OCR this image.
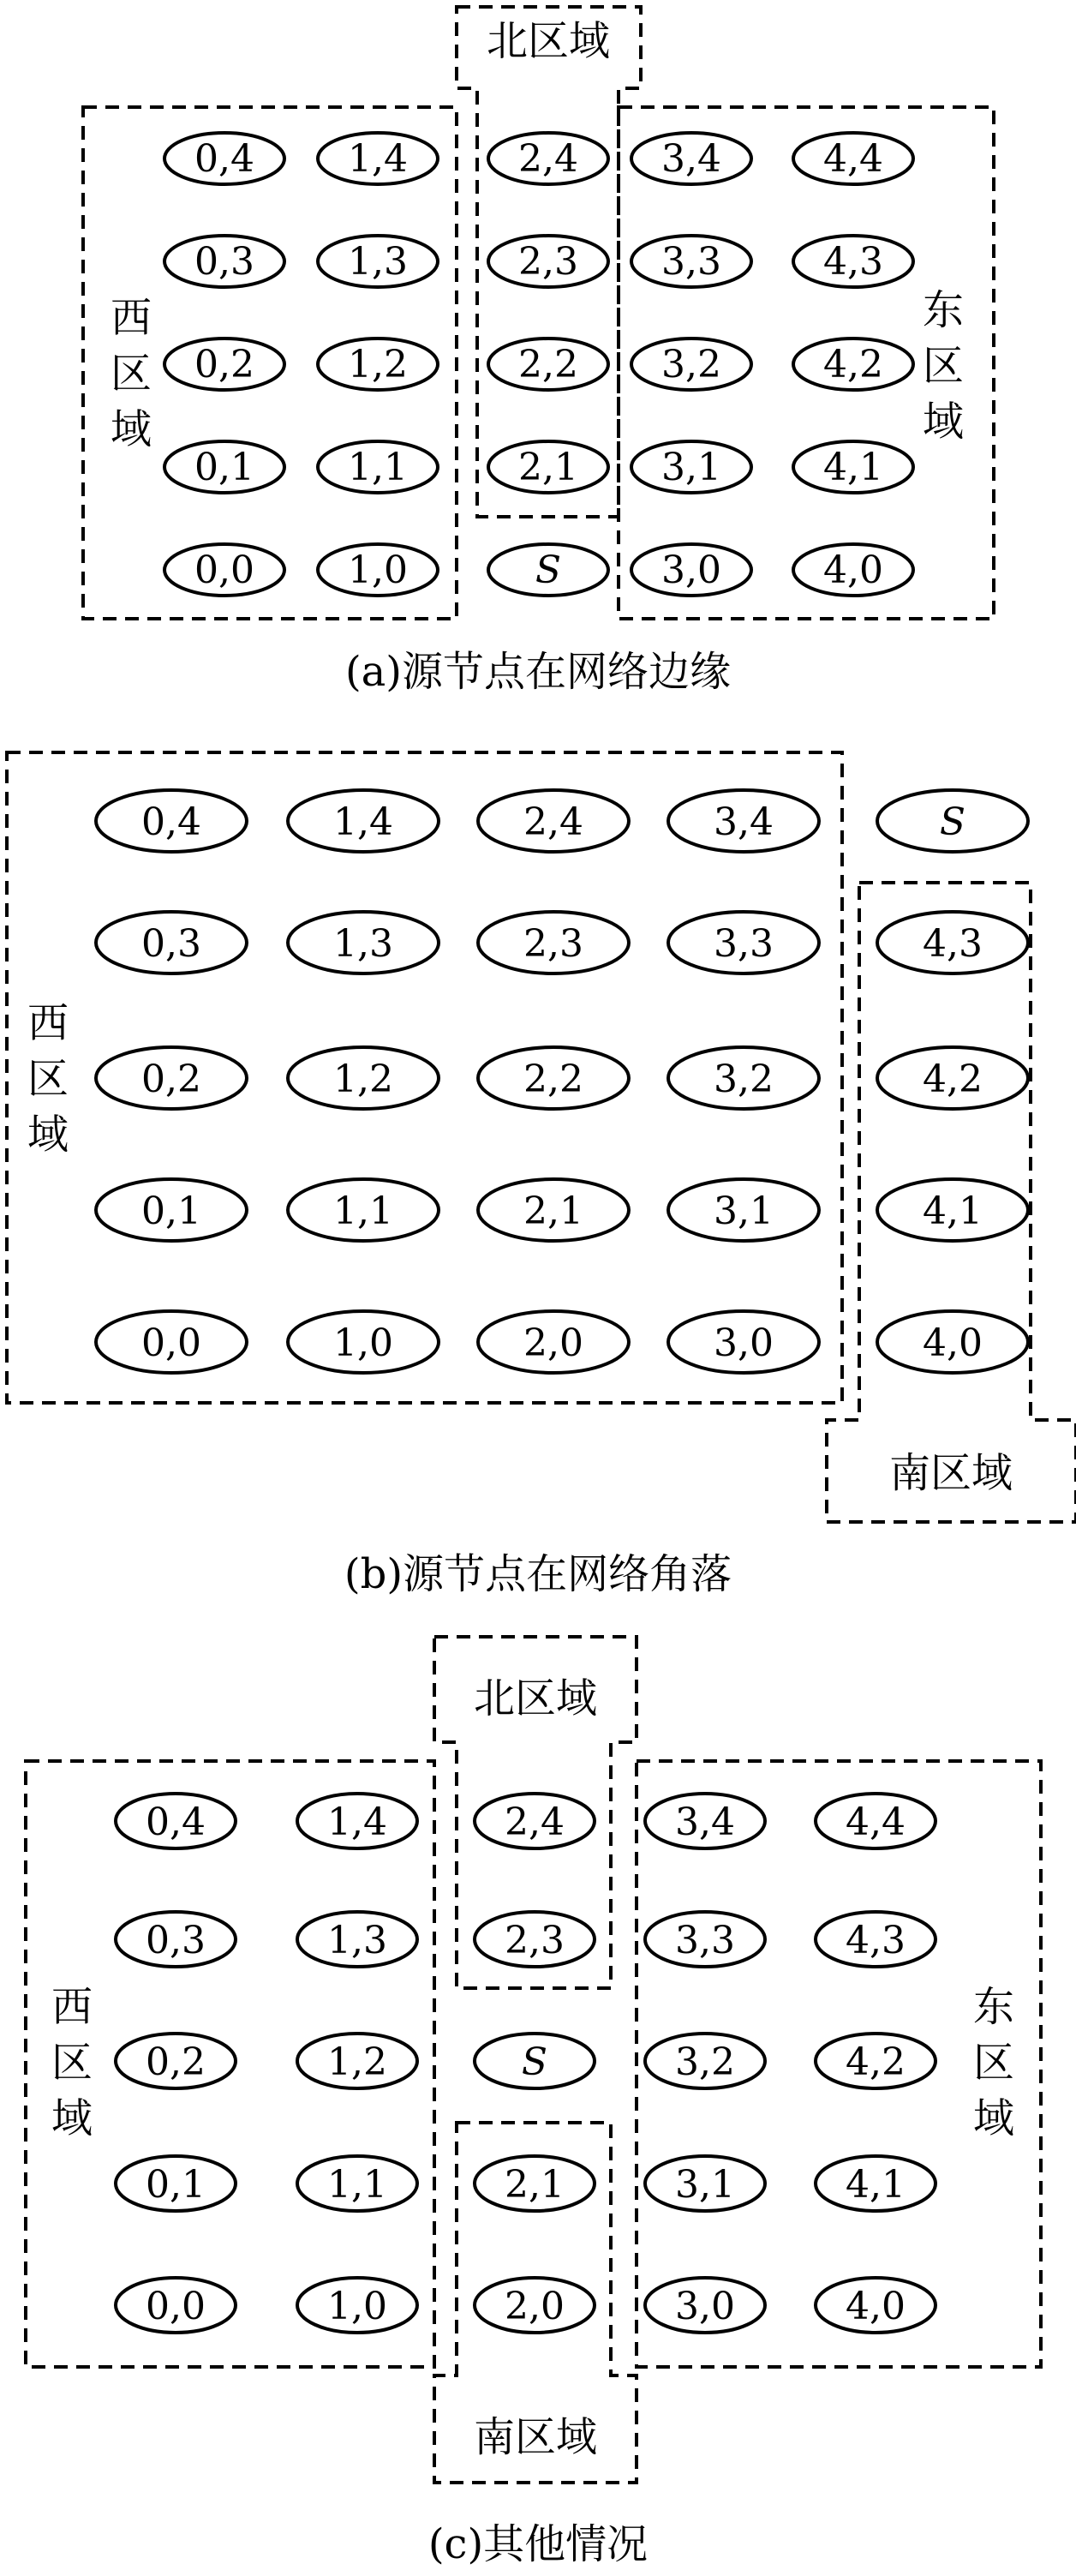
北区域
西
区
域
东
区
域
0,4 1,4	2,4 3,4	4,4
0,3 1,3	2,3 3,3	4,3
0,2 1,2	2,2 3,2	4,2
0,1 1,1	2,1 3,1	4,1
0,0 1,0	S	3,0	4,0
(a)源节点在网络边缘
西
区
域
南区域
0,4	1,4	2,4	3,4	S
0,3	1,3	2,3	3,3	4,3
0,2	1,2	2,2	3,2	4,2
0,1	1,1	2,1	3,1	4,1
0,0	1,0	2,0	3,0	4,0
(b)源节点在网络角落
北区域
南区域
西
区
域
东
区
域
0,4	1,4	2,4	3,4	4,4
0,3	1,3	2,3	3,3	4,3
0,2	1,2	S	3,2	4,2
0,1	1,1	2,1	3,1	4,1
0,0	1,0	2,0	3,0	4,0
(c)其他情况
